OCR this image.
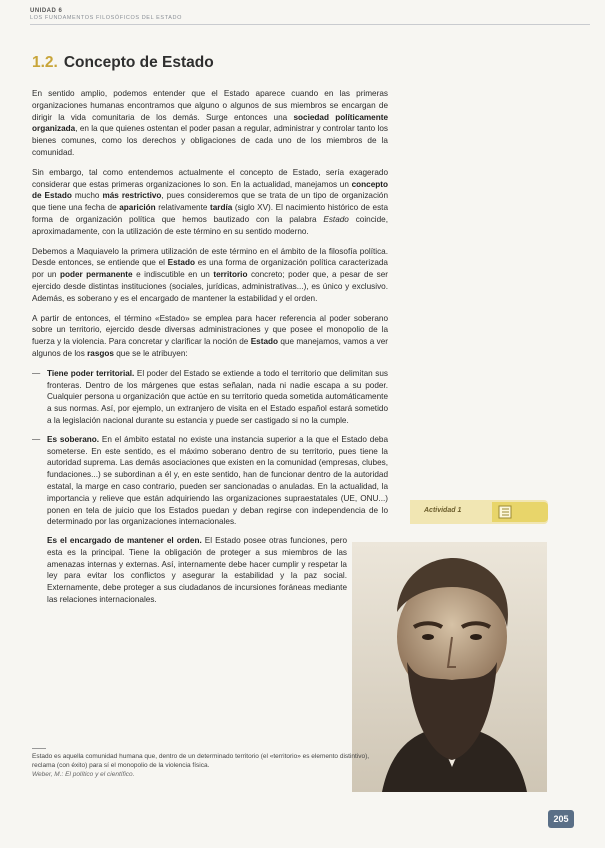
UNIDAD 6
LOS FUNDAMENTOS FILOSÓFICOS DEL ESTADO
1.2. Concepto de Estado

En sentido amplio, podemos entender que el Estado aparece cuando en las primeras organizaciones humanas encontramos que alguno o algunos de sus miembros se encargan de dirigir la vida comunitaria de los demás. Surge entonces una sociedad políticamente organizada, en la que quienes ostentan el poder pasan a regular, administrar y controlar tanto los bienes comunes, como los derechos y obligaciones de cada uno de los miembros de la comunidad.

Sin embargo, tal como entendemos actualmente el concepto de Estado, sería exagerado considerar que estas primeras organizaciones lo son. En la actualidad, manejamos un concepto de Estado mucho más restrictivo, pues consideremos que se trata de un tipo de organización que tiene una fecha de aparición relativamente tardía (siglo XV). El nacimiento histórico de esta forma de organización política que hemos bautizado con la palabra Estado coincide, aproximadamente, con la utilización de este término en su sentido moderno.

Debemos a Maquiavelo la primera utilización de este término en el ámbito de la filosofía política. Desde entonces, se entiende que el Estado es una forma de organización política caracterizada por un poder permanente e indiscutible en un territorio concreto; poder que, a pesar de ser ejercido desde distintas instituciones (sociales, jurídicas, administrativas...), es único y exclusivo. Además, es soberano y es el encargado de mantener la estabilidad y el orden.

A partir de entonces, el término «Estado» se emplea para hacer referencia al poder soberano sobre un territorio, ejercido desde diversas administraciones y que posee el monopolio de la fuerza y la violencia. Para concretar y clarificar la noción de Estado que manejamos, vamos a ver algunos de los rasgos que se le atribuyen:

— Tiene poder territorial. El poder del Estado se extiende a todo el territorio que delimitan sus fronteras. Dentro de los márgenes que estas señalan, nada ni nadie escapa a su poder. Cualquier persona u organización que actúe en su territorio queda sometida automáticamente a sus normas. Así, por ejemplo, un extranjero de visita en el Estado español estará sometido a la legislación nacional durante su estancia y puede ser castigado si no la cumple.
— Es soberano. En el ámbito estatal no existe una instancia superior a la que el Estado deba someterse. En este sentido, es el máximo soberano dentro de su territorio, pues tiene la autoridad suprema. Las demás asociaciones que existen en la comunidad (empresas, clubes, fundaciones...) se subordinan a él y, en este sentido, han de funcionar dentro de la autoridad estatal, la marge en caso contrario, pueden ser sancionadas o anuladas. En la actualidad, la importancia y relieve que están adquiriendo las organizaciones supraestatales (UE, ONU...) ponen en tela de juicio que los Estados puedan y deban regirse con independencia de lo determinado por las organizaciones internacionales.
Es el encargado de mantener el orden. El Estado posee otras funciones, pero esta es la principal. Tiene la obligación de proteger a sus miembros de las amenazas internas y externas. Así, internamente debe hacer cumplir y respetar la ley para evitar los conflictos y asegurar la estabilidad y la paz social. Externamente, debe proteger a sus ciudadanos de incursiones foráneas mediante las relaciones internacionales.
Actividad 1
Estado es aquella comunidad humana que, dentro de un determinado territorio (el «territorio» es elemento distintivo), reclama (con éxito) para sí el monopolio de la violencia física.
Weber, M.: El político y el científico.
205
